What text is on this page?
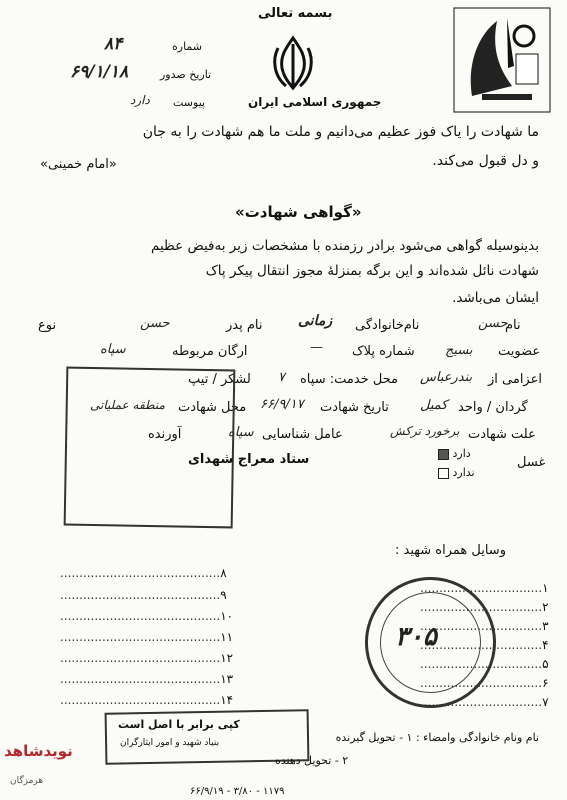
بسمه تعالی
جمهوری اسلامی ایران
شماره
۸۴
تاریخ صدور
۶۹/۱/۱۸
پیوست
دارد
ما شهادت را یاک فوز عظیم می‌دانیم و ملت ما هم شهادت را به جان
و دل قبول می‌کند.
«امام خمینی»
«گواهی شهادت»
بدینوسیله گواهی می‌شود برادر رزمنده با مشخصات زیر به‌فیض عظیم
شهادت نائل شده‌اند و این برگه بمنزلهٔ مجوز انتقال پیکر پاک
ایشان می‌باشد.
نام
حسن
نام‌خانوادگی
زمانی
نام پدر
حسن
نوع
عضویت
بسیج
شماره پلاک
—
ارگان مربوطه
سپاه
اعزامی از
بندرعباس
محل خدمت: سپاه
۷
لشکر / تیپ
گردان / واحد
کمیل
تاریخ شهادت
۶۶/۹/۱۷
محل شهادت
منطقه عملیاتی
علت شهادت
برخورد ترکش
عامل شناسایی
سپاه
آورنده
غسل
دارد
ندارد
ستاد معراج شهدای
وسایل همراه شهید :
................................۱
................................۲
................................۳
................................۴
................................۵
................................۶
................................۷
..........................................۸
..........................................۹
..........................................۱۰
..........................................۱۱
..........................................۱۲
..........................................۱۳
..........................................۱۴
۳۰۵
کپی برابر با اصل است
بنیاد شهید و امور ایثارگران	نام ونام خانوادگی وامضاء : ۱ - تحویل گیرنده
۲ - تحویل دهنده
۱۱۷۹ - ۳/۸۰ - ۶۶/۹/۱۹
نویدشاهد
هرمزگان
